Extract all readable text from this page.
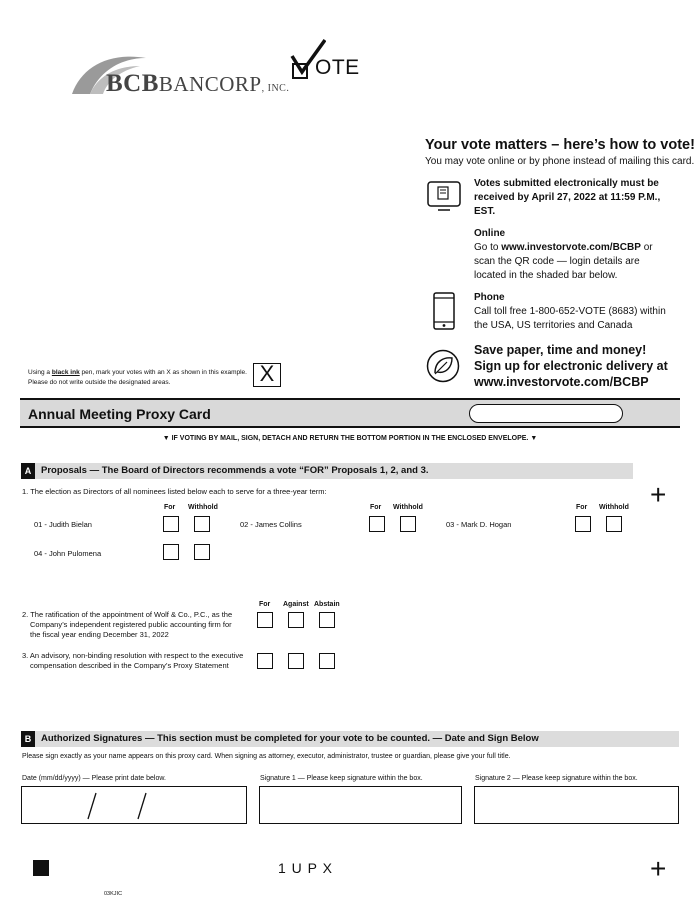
BCBBANCORP, INC.
OTE
Your vote matters – here’s how to vote!
You may vote online or by phone instead of mailing this card.
Votes submitted electronically must be received by April 27, 2022 at 11:59 P.M., EST.
Online
Go to www.investorvote.com/BCBP or scan the QR code — login details are located in the shaded bar below.
Phone
Call toll free 1-800-652-VOTE (8683) within the USA, US territories and Canada
Save paper, time and money!
Sign up for electronic delivery at
www.investorvote.com/BCBP
Using a black ink pen, mark your votes with an X as shown in this example.
Please do not write outside the designated areas.	X
Annual Meeting Proxy Card
▼ IF VOTING BY MAIL, SIGN, DETACH AND RETURN THE BOTTOM PORTION IN THE ENCLOSED ENVELOPE. ▼
A	Proposals — The Board of Directors recommends a vote “FOR” Proposals 1, 2, and 3.
+
1. The election as Directors of all nominees listed below each to serve for a three-year term:
For Withhold	For Withhold	For Withhold
01 - Judith Bielan	02 - James Collins	03 - Mark D. Hogan
04 - John Pulomena
For Against Abstain
2. The ratification of the appointment of Wolf & Co., P.C., as the
Company’s independent registered public accounting firm for
the fiscal year ending December 31, 2022
3. An advisory, non-binding resolution with respect to the executive
compensation described in the Company’s Proxy Statement
B	Authorized Signatures — This section must be completed for your vote to be counted. — Date and Sign Below
Please sign exactly as your name appears on this proxy card. When signing as attorney, executor, administrator, trustee or guardian, please give your full title.
Date (mm/dd/yyyy) — Please print date below.	Signature 1 — Please keep signature within the box.	Signature 2 — Please keep signature within the box.
1 U P X	+
03KJIC
